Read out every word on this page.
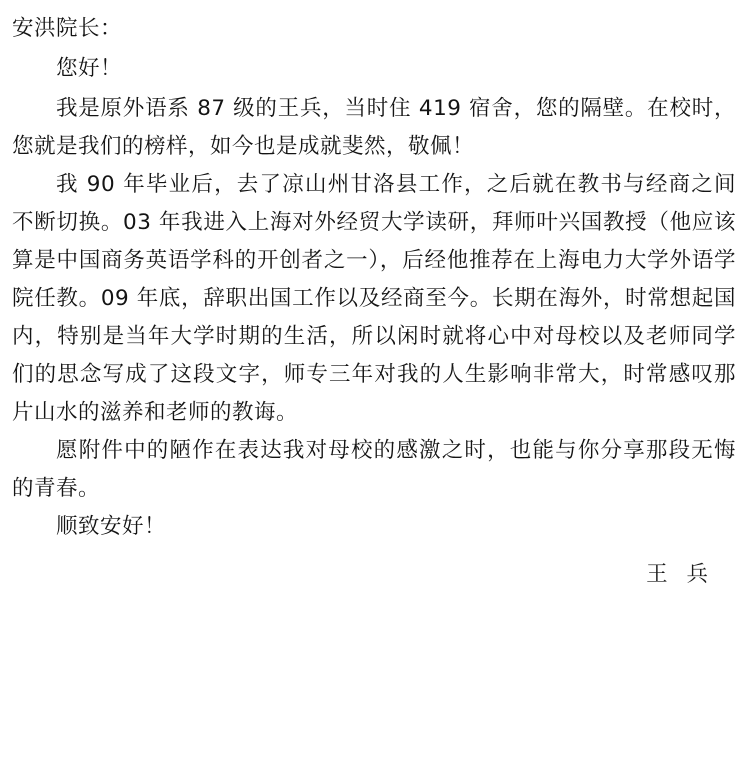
安洪院长：
您好！
我是原外语系 87 级的王兵，当时住 419 宿舍，您的隔壁。在校时，您就是我们的榜样，如今也是成就斐然，敬佩！
我 90 年毕业后，去了凉山州甘洛县工作，之后就在教书与经商之间不断切换。03 年我进入上海对外经贸大学读研，拜师叶兴国教授（他应该算是中国商务英语学科的开创者之一），后经他推荐在上海电力大学外语学院任教。09 年底，辞职出国工作以及经商至今。长期在海外，时常想起国内，特别是当年大学时期的生活，所以闲时就将心中对母校以及老师同学们的思念写成了这段文字，师专三年对我的人生影响非常大，时常感叹那片山水的滋养和老师的教诲。
愿附件中的陋作在表达我对母校的感激之时，也能与你分享那段无悔的青春。
顺致安好！
王 兵
